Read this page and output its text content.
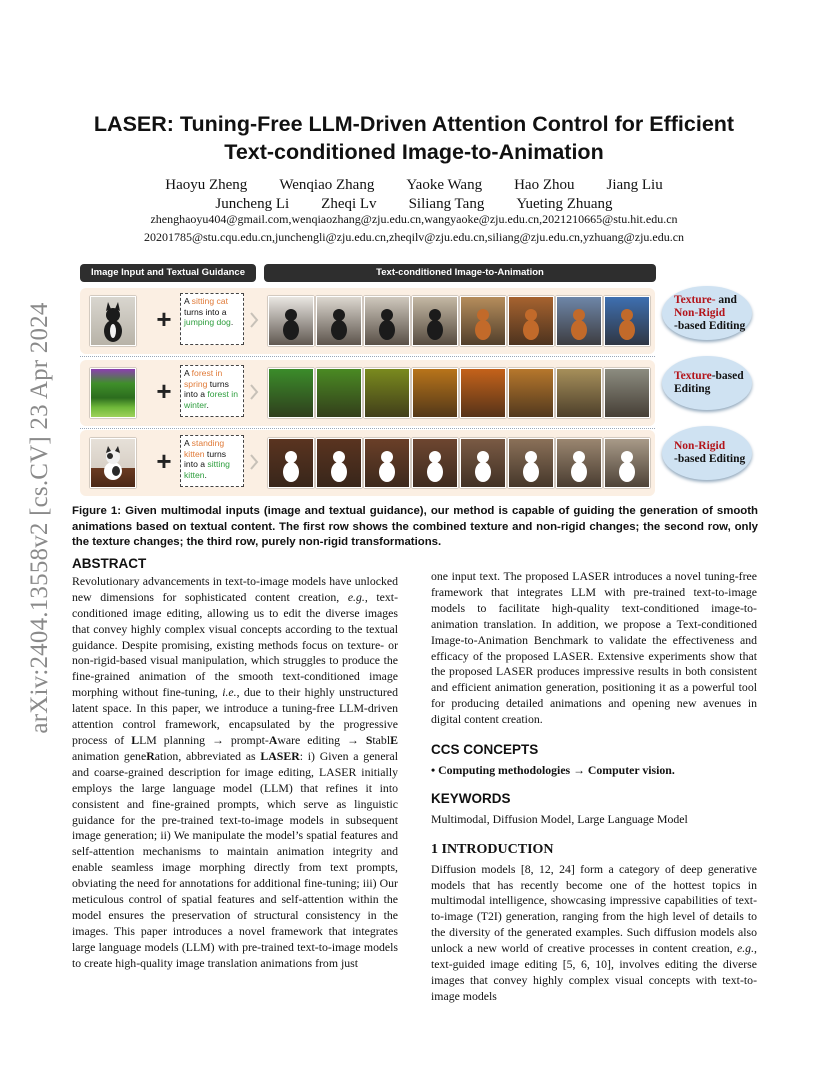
arXiv:2404.13558v2 [cs.CV] 23 Apr 2024
LASER: Tuning-Free LLM-Driven Attention Control for Efficient
Text-conditioned Image-to-Animation
Haoyu Zheng Wenqiao Zhang Yaoke Wang Hao Zhou Jiang Liu
Juncheng Li Zheqi Lv Siliang Tang Yueting Zhuang
zhenghaoyu404@gmail.com,wenqiaozhang@zju.edu.cn,wangyaoke@zju.edu.cn,2021210665@stu.hit.edu.cn
20201785@stu.cqu.edu.cn,junchengli@zju.edu.cn,zheqilv@zju.edu.cn,siliang@zju.edu.cn,yzhuang@zju.edu.cn
Image Input and Textual Guidance	Text-conditioned Image-to-Animation
+
A sitting cat turns into a jumping dog.
+
A forest in spring turns into a forest in winter.
+
A standing kitten turns into a sitting kitten.
Texture- and
Non-Rigid
-based Editing
Texture-based
Editing
Non-Rigid
-based Editing
Figure 1: Given multimodal inputs (image and textual guidance), our method is capable of guiding the generation of smooth animations based on textual content. The first row shows the combined texture and non-rigid changes; the second row, only the texture changes; the third row, purely non-rigid transformations.
ABSTRACT
Revolutionary advancements in text-to-image models have unlocked new dimensions for sophisticated content creation, e.g., text-conditioned image editing, allowing us to edit the diverse images that convey highly complex visual concepts according to the textual guidance. Despite promising, existing methods focus on texture- or non-rigid-based visual manipulation, which struggles to produce the fine-grained animation of the smooth text-conditioned image morphing without fine-tuning, i.e., due to their highly unstructured latent space. In this paper, we introduce a tuning-free LLM-driven attention control framework, encapsulated by the progressive process of LLM planning → prompt-Aware editing → StablE animation geneRation, abbreviated as LASER: i) Given a general and coarse-grained description for image editing, LASER initially employs the large language model (LLM) that refines it into consistent and fine-grained prompts, which serve as linguistic guidance for the pre-trained text-to-image models in subsequent image generation; ii) We manipulate the model’s spatial features and self-attention mechanisms to maintain animation integrity and enable seamless image morphing directly from text prompts, obviating the need for annotations for additional fine-tuning; iii) Our meticulous control of spatial features and self-attention within the model ensures the preservation of structural consistency in the images. This paper introduces a novel framework that integrates large language models (LLM) with pre-trained text-to-image models to create high-quality image translation animations from just
one input text. The proposed LASER introduces a novel tuning-free framework that integrates LLM with pre-trained text-to-image models to facilitate high-quality text-conditioned image-to-animation translation. In addition, we propose a Text-conditioned Image-to-Animation Benchmark to validate the effectiveness and efficacy of the proposed LASER. Extensive experiments show that the proposed LASER produces impressive results in both consistent and efficient animation generation, positioning it as a powerful tool for producing detailed animations and opening new avenues in digital content creation.
CCS CONCEPTS
• Computing methodologies → Computer vision.
KEYWORDS
Multimodal, Diffusion Model, Large Language Model
1 INTRODUCTION
Diffusion models [8, 12, 24] form a category of deep generative models that has recently become one of the hottest topics in multimodal intelligence, showcasing impressive capabilities of text-to-image (T2I) generation, ranging from the high level of details to the diversity of the generated examples. Such diffusion models also unlock a new world of creative processes in content creation, e.g., text-guided image editing [5, 6, 10], involves editing the diverse images that convey highly complex visual concepts with text-to-image models
